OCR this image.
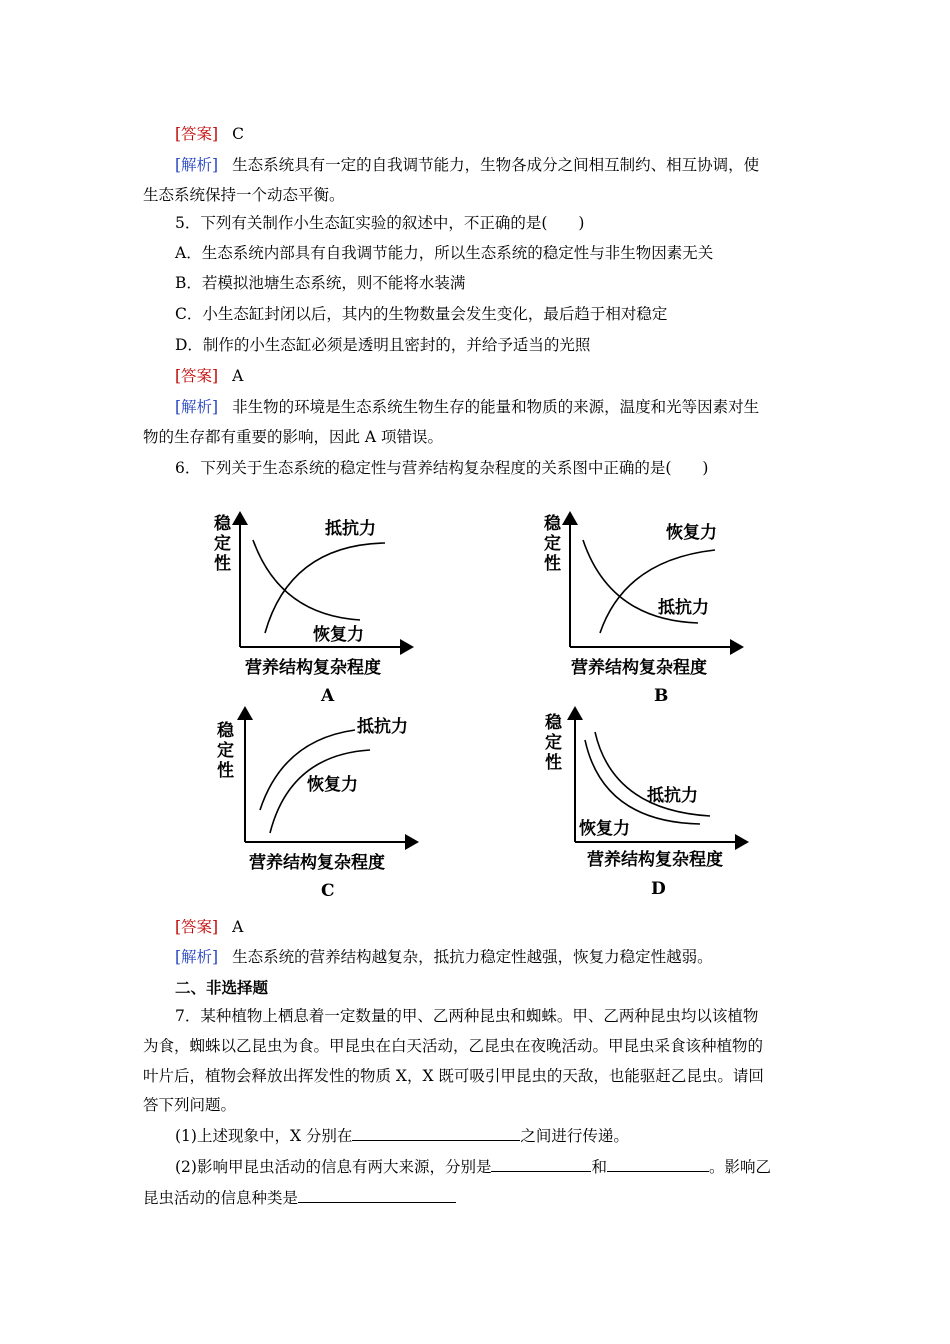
[答案] C
[解析] 生态系统具有一定的自我调节能力，生物各成分之间相互制约、相互协调，使
生态系统保持一个动态平衡。
5．下列有关制作小生态缸实验的叙述中，不正确的是(　　)
A．生态系统内部具有自我调节能力，所以生态系统的稳定性与非生物因素无关
B．若模拟池塘生态系统，则不能将水装满
C．小生态缸封闭以后，其内的生物数量会发生变化，最后趋于相对稳定
D．制作的小生态缸必须是透明且密封的，并给予适当的光照
[答案] A
[解析] 非生物的环境是生态系统生物生存的能量和物质的来源，温度和光等因素对生
物的生存都有重要的影响，因此 A 项错误。
6．下列关于生态系统的稳定性与营养结构复杂程度的关系图中正确的是(　　)
稳
定
性
抵抗力
恢复力
营养结构复杂程度
A
稳
定
性
恢复力
抵抗力
营养结构复杂程度
B
稳
定
性
抵抗力
恢复力
营养结构复杂程度
C
稳
定
性
抵抗力
恢复力
营养结构复杂程度
D
[答案] A
[解析] 生态系统的营养结构越复杂，抵抗力稳定性越强，恢复力稳定性越弱。
二、非选择题
7．某种植物上栖息着一定数量的甲、乙两种昆虫和蜘蛛。甲、乙两种昆虫均以该植物
为食，蜘蛛以乙昆虫为食。甲昆虫在白天活动，乙昆虫在夜晚活动。甲昆虫采食该种植物的
叶片后，植物会释放出挥发性的物质 X，X 既可吸引甲昆虫的天敌，也能驱赶乙昆虫。请回
答下列问题。
(1)上述现象中，X 分别在	之间进行传递。
(2)影响甲昆虫活动的信息有两大来源，分别是	和	。影响乙
昆虫活动的信息种类是
